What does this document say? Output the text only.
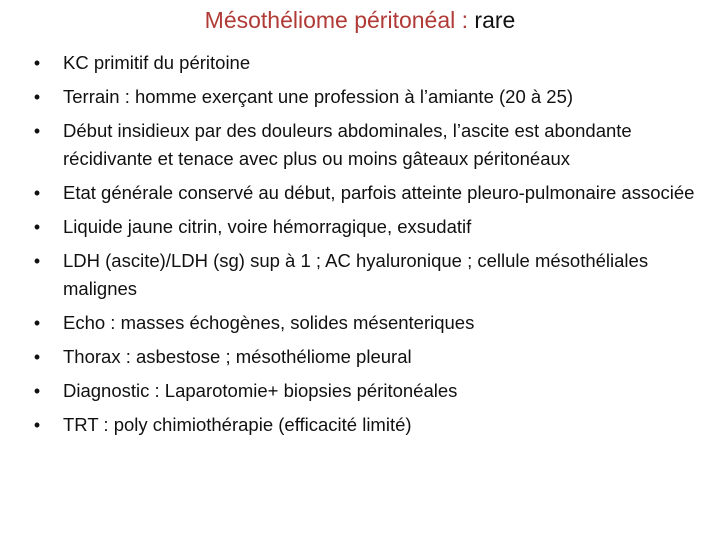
Mésothéliome péritonéal : rare
• KC primitif du péritoine
• Terrain : homme exerçant une profession à l’amiante (20 à 25)
• Début insidieux par des douleurs abdominales, l’ascite est abondante récidivante et tenace avec plus ou moins gâteaux péritonéaux
• Etat générale conservé au début, parfois atteinte pleuro-pulmonaire associée
• Liquide jaune citrin, voire hémorragique, exsudatif
• LDH (ascite)/LDH (sg) sup à 1 ; AC hyaluronique ; cellule mésothéliales malignes
• Echo : masses échogènes, solides mésenteriques
• Thorax : asbestose ; mésothéliome pleural
• Diagnostic : Laparotomie+ biopsies péritonéales
• TRT : poly chimiothérapie (efficacité limité)
